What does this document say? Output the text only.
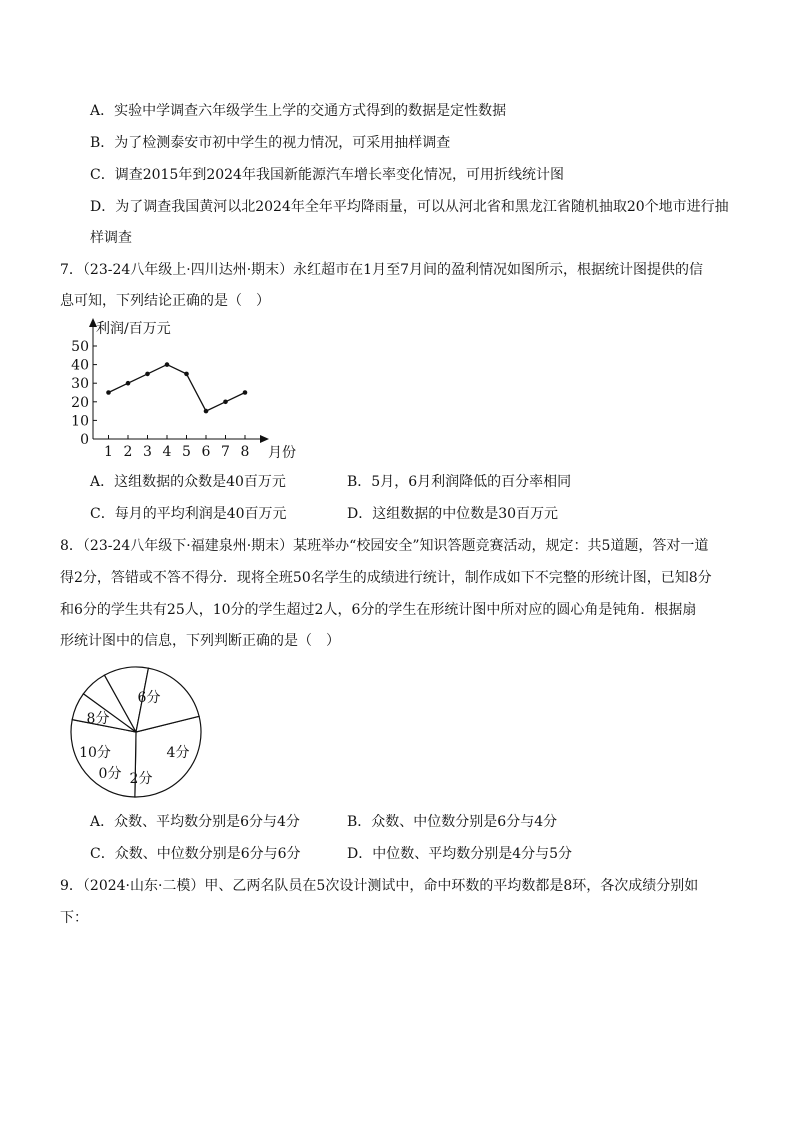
A．实验中学调查六年级学生上学的交通方式得到的数据是定性数据
B．为了检测泰安市初中学生的视力情况，可采用抽样调查
C．调查2015年到2024年我国新能源汽车增长率变化情况，可用折线统计图
D．为了调查我国黄河以北2024年全年平均降雨量，可以从河北省和黑龙江省随机抽取20个地市进行抽
样调查
7．（23-24八年级上·四川达州·期末）永红超市在1月至7月间的盈利情况如图所示，根据统计图提供的信
息可知，下列结论正确的是（　）
0
10
20
30
40
50
1 2 3 4 5 6 7 8
利润/百万元
月份
A．这组数据的众数是40百万元	B．5月，6月利润降低的百分率相同
C．每月的平均利润是40百万元	D．这组数据的中位数是30百万元
8．（23-24八年级下·福建泉州·期末）某班举办“校园安全”知识答题竞赛活动，规定：共5道题，答对一道
得2分，答错或不答不得分．现将全班50名学生的成绩进行统计，制作成如下不完整的形统计图，已知8分
和6分的学生共有25人，10分的学生超过2人，6分的学生在形统计图中所对应的圆心角是钝角．根据扇
形统计图中的信息，下列判断正确的是（　）
6分
4分
2分
0分
10分
8分
A．众数、平均数分别是6分与4分	B．众数、中位数分别是6分与4分
C．众数、中位数分别是6分与6分	D．中位数、平均数分别是4分与5分
9．（2024·山东·二模）甲、乙两名队员在5次设计测试中，命中环数的平均数都是8环，各次成绩分别如
下：
